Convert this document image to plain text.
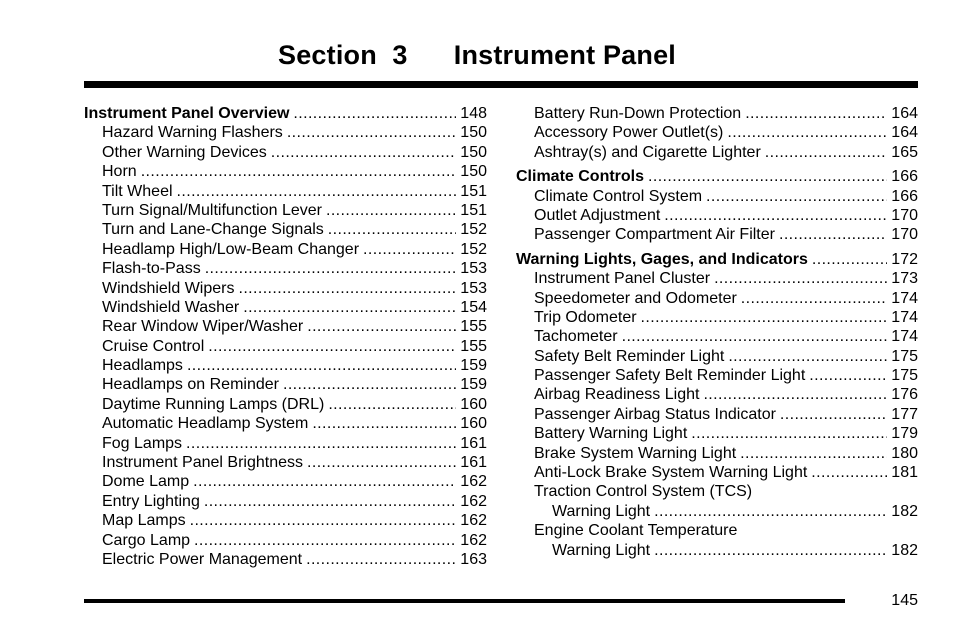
Section  3      Instrument Panel
Instrument Panel Overview .....	148
Hazard Warning Flashers .....	150
Other Warning Devices .....	150
Horn .....	150
Tilt Wheel .....	151
Turn Signal/Multifunction Lever .....	151
Turn and Lane-Change Signals .....	152
Headlamp High/Low-Beam Changer .....	152
Flash-to-Pass .....	153
Windshield Wipers .....	153
Windshield Washer .....	154
Rear Window Wiper/Washer .....	155
Cruise Control .....	155
Headlamps .....	159
Headlamps on Reminder .....	159
Daytime Running Lamps (DRL) .....	160
Automatic Headlamp System .....	160
Fog Lamps .....	161
Instrument Panel Brightness .....	161
Dome Lamp .....	162
Entry Lighting .....	162
Map Lamps .....	162
Cargo Lamp .....	162
Electric Power Management .....	163
Battery Run-Down Protection .....	164
Accessory Power Outlet(s) .....	164
Ashtray(s) and Cigarette Lighter .....	165
Climate Controls .....	166
Climate Control System .....	166
Outlet Adjustment .....	170
Passenger Compartment Air Filter .....	170
Warning Lights, Gages, and Indicators .....	172
Instrument Panel Cluster .....	173
Speedometer and Odometer .....	174
Trip Odometer .....	174
Tachometer .....	174
Safety Belt Reminder Light .....	175
Passenger Safety Belt Reminder Light .....	175
Airbag Readiness Light .....	176
Passenger Airbag Status Indicator .....	177
Battery Warning Light .....	179
Brake System Warning Light .....	180
Anti-Lock Brake System Warning Light .....	181
Traction Control System (TCS)
Warning Light .....	182
Engine Coolant Temperature
Warning Light .....	182
145
